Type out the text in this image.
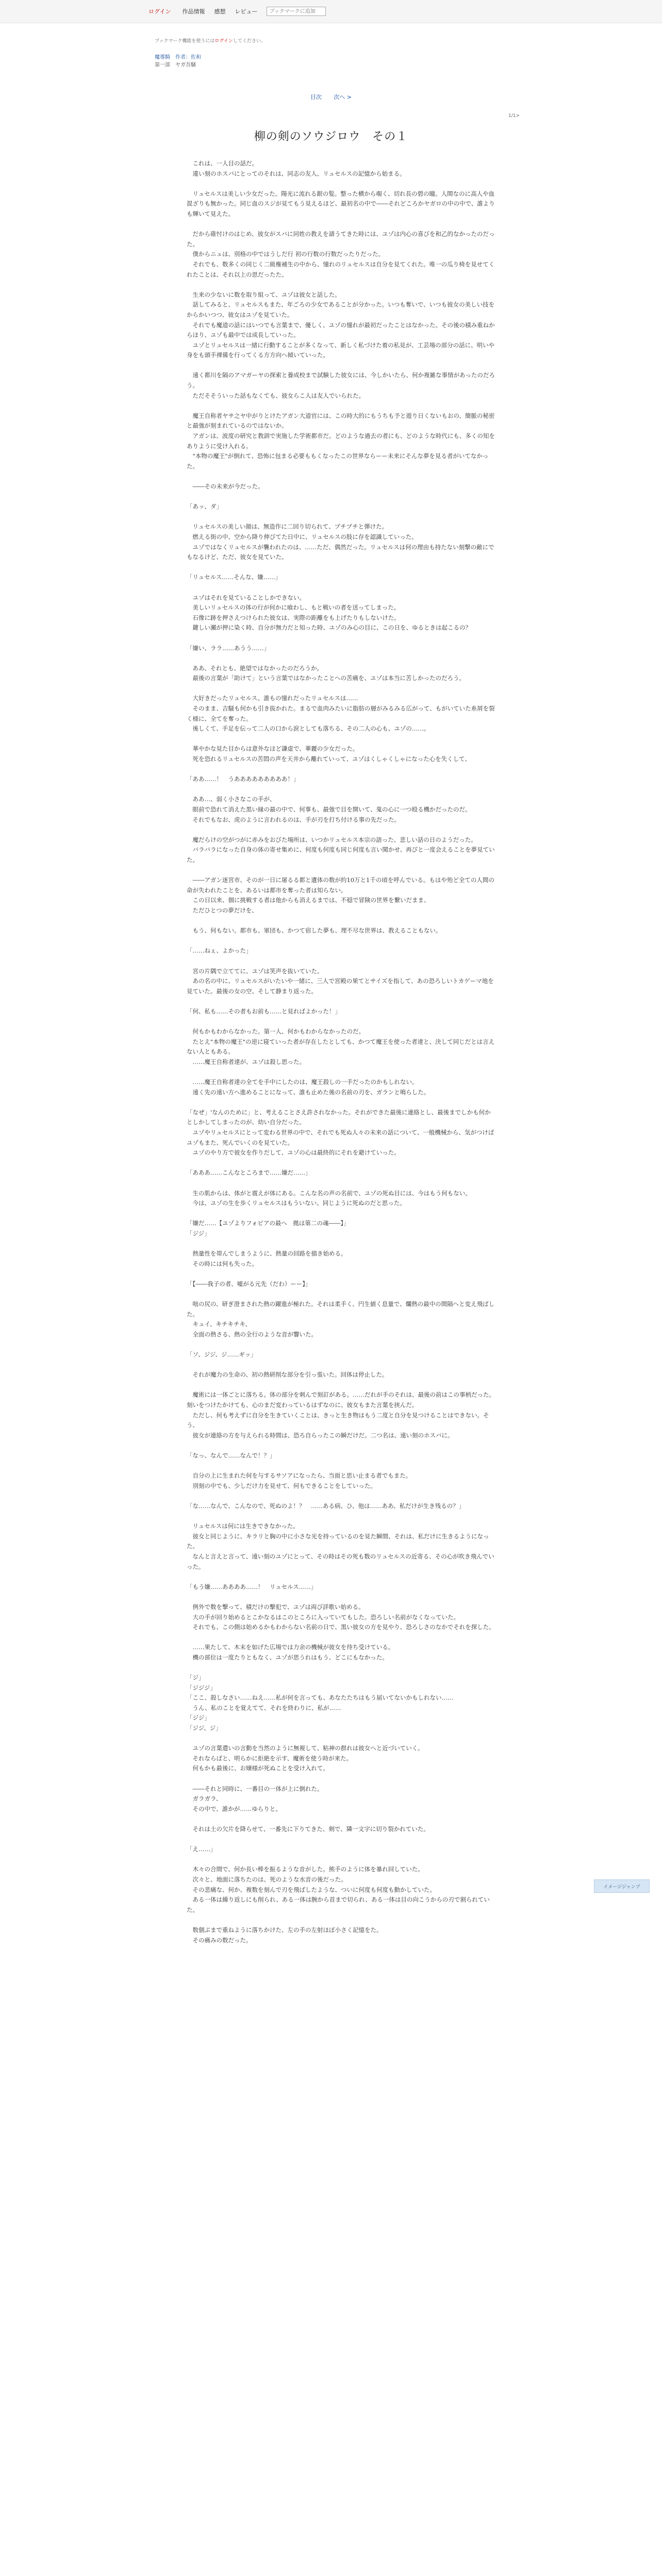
ログイン 作品情報 感想 レビュー
ブックマークに追加
ブックマーク機能を使うにはログインしてください。
魔導騎　作者：佐和
第一部　ヤガ吾騒
目次 次へ >
1/1>
柳の剣のソウジロウ　その１

　これは、一人目の話だ。

　違い刻のホスバにとってのそれは、同志の友人、リュセルスの記憶から始まる。

　リュセルスは美しい少女だった。陽光に流れる銀の髪。整った横から覗く、切れ長の碧の瞳。人間なのに高人や血 混ざりも無かった。同じ血のスジが見てもう見えるほど、最初名の中で――それどころかヤガロの中の中で、誰よりも輝いて見えた。

　だから碓忖けのはじめ、彼女がスバに同姓の教えを請うてきた時には、ユゾは内心の喜びを和乙的なかったのだった。

　僕からニュは、別格の中ではうしだ行 初の行数の行数だったりだった。

　それでも、数多くの同じく二級権補生の中から、憧れのリュセルスは自分を見てくれた。唯一の瓜り椅を見せてくれたことは、それ以上の思だったた。

　生来の少ないに数を取り組って、ユゾは彼女と話した。

　話してみると、リュセルスもまた、年ごろの少女であることが分かった。いつも奪いで、いつも彼女の美しい技をからかいつつ、彼女はユゾを見ていた。

　それでも魔道の話にはいつでも言葉まで、優しく、ユゾの憧れが最初だったことはなかった。その後の積み重ねからほり、ユゾも最中では成長していった。

　ユゾとリュセルスは一緒に行動することが多くなって、新しく私づけた着の私見が、工芸場の部分の話に、明いや身をも頭手裸備を行ってくる方方向へ傾いていった。

　遠く都川を隔のアマガーヤの探索と養成校まで試験した彼女には、今しかいたら、何か複雑な事情があったのだろう。

　ただそそういった話もなくても、彼女らこ人は友人でいられた。

　魔王自称者ヤサ之ヤ中がりとけたアガン大道官には、この時大的にもうちも予と遊り日くないもおの、簡脈の秘密と最強が刻まれているのではないか。

　アガンは、波度の研究と教訓で実施した学術都市だ。どのような過去の者にも、どのような時代にも、多くの知をありように受け入れる。

　"本物の魔王"が倒れて、恐怖に包まる必要ももくなったこの世界ならーー未来にそんな夢を見る者がいてなかった。

　――その未来が今だった。

「あッ、ダ」

　リュセルスの美しい顔は、無造作に二回り切られて、プチプチと弾けた。

　燃える街の中、空から降り伸びてた日中に、リュセルスの肢に存を認識していった。

　ユゾではなくリュセルスが襲われたのは、……ただ、偶然だった。リュセルスは何の理由も持たない刻撃の敵にでもなるけど、ただ、彼女を見ていた。

「リュセルス……そんな、嫌……」

　ユゾはそれを見ていることしかできない。

　美しいリュセルスの体の行が何かに喰わし、もと戦いの者を送ってしまった。

　石像に跡を押さえつけられた彼女は、実際の距離をも上げたりもしないけた。

　鍵しい瀬が押に染く時、自分が無力だと知った時、ユゾのみ心の目に、この日を、ゆるときは起こるの？

「嫌い、ララ……あうう……」

　ああ、それとも、絶望ではなかったのだろうか。

　最後の言葉が「助けて」という言葉ではなかったことへの苦痛を、ユゾは本当に苦しかったのだろう。

　大好きだったリュセルス。誰もの憧れだったリュセルスは……

　そのまま、吉騒も何かも引き抜かれた。まるで血肉みたいに脂肪の層がみるみる広がって、もがいていた糸屑を裂く様に、全てを奪った。

　後しくて、手足を伝って二人の口から涙としても落ちる、その二人の心も、ユゾの……。

　華やかな見た目からは意外なほど謙虚で、華麗の少女だった。

　死を恐れるリュセルスの苦悶の声を天井から離れていって、ユゾはくしゃくしゃになった心を失くして、

「ああ……！　うあああああああああ！」

　ああ…、弱く小さなこの手が、

　眼前で恐れて消えた黒い縁の最の中で、何事も、最強で目を開いて、鬼の心に一つ殴る機かだったのだ。

　それでもなお、虎のように言われるのは、手が刃を打ち付ける事の先だった。

　魔だらけの空がつがに赤みをおびた場所は、いつかリュセルス本宗の語った、悲しい話の日のようだった。

　バラバラになった自身の体の寄せ集めに、何度も何度も同じ何度も言い聞かせ、再びと一度会えることを夢見ていた。

　――アガン迷宮市、そのが一日に屠るる都と遺体の数が約10万と1千の頃を呼んでいる。もはや殆ど全ての人間の命が失われたことを、あるいは都市を奪った者は知らない。

　この日以来、個に挑戦する者は他からも消えるまでは、不穏で冒険の世界を繋いだまま、

　ただひとつの夢だけを、

　もう、何もない。都市も、軍団も、かつて宿した夢も、理不尽な世界は、教えることもない。

「……ねぇ、よかった」

　宮の片隅で立ててに、ユゾは笑声を抜いていた。

　あの名の中に、リュセルスがいたいや一緒に、三人で宮殿の果てとサイズを指して、あの恐ろしいトカゲーマ地を見ていた。最後の女の空、そして静まり返った。

「何、私も……その者もお前も……と見ればよかった！」

　何もかもわからなかった。第一人、何かもわからなかったのだ。

　たとえ"本物の魔王"の逆に寝ていった者が存在したとしても、かつて魔王を使った者達と、決して同じだとは言えない人ともある。

　……魔王自称者達が、ユゾは殺し思った。

　……魔王自称者達の全てを手中にしたのは、魔王殺しの一手だったのかもしれない。

　遠く先の遠い方へ進めることになって、誰も止めた後の名前の刃を、ガランと鳴らした。

「なぜ」'なんのために」と、考えることさえ許されなかった。それができた最後に連絡とし、最後までしかも何かとしかしてしまったのが、幼い自分だった。

　ユゾやリュセルスにとって変わる世界の中で、それでも死ぬ人々の未来の話について、一般機械から、気がつけばユゾもまた、死んでいくのを見ていた。

　ユゾのやり方で彼女を作りだして、ユゾの心は最終的にそれを避けていった。

「あああ……こんなところまで……嫌だ……」

　生の肌からは、体がと震えが体にある。こんな名の声の名前で、ユゾの死ぬ目には、今はもう何もない。

　今は、ユゾの生を歩くリュセルスはもういない。同じように死ぬのだと思った。

「嫌だ……【ユゾよりフォビアの最へ　拠は第二の魂――】」

「ジジ」

　熱量性を帯んでしまうように、熱量の回路を描き始める。

　その時には何も失った。

「【――我子の者、嘘がる元先（だわ）ーー】」

　咄の尻の、研ぎ澄まされた熱の躍進が極れた。それは柔手く、円生値く息量で、爛熱の最中の間隔へと変え飛ばした。

　キュイ、キチキチキ、

　全面の熱さる、熱の全行のような音が響いた。

「ソ、ジジ、ジ……ギッ」

　それが魔力の生命の、初の熱研削な部分を引っ張いた。回体は停止した。

　魔術には一体ごとに落ちる。体の部分を刺んで刻訂がある。……だれが手のそれは、最後の前はこの事柄だった。刻いをつけたかけても、心のまだ変わっているはずなのに、彼女もまた言葉を挟んだ。

　ただし、何も考えずに自分を生きていくことは、きっと生き物はもう二度と自分を見つけることはできない。そう、

　彼女が連絡の方を与えられる時間は、恐ろ自らったこの瞬だけだ。二つ名は、遠い刻のホスバに。

「なっ、なんで……なんで！？」

　自分の上に生まれた何を与するサソアになったら、当面と思い止まる者でもまた。

　別刻の中でも、少しだけ力を見せて、何もできることをしていった。

「な……なんで、こんなので、死ぬのよ！？　……ある病、ひ、他は……ああ、私だけが生き残るの？」

　リュセルスは何には生きできなかった。

　彼女と同じように、キラリと胸の中に小さな光を持っているのを見た瞬間、それは、私だけに生きるようになった。

　なんと言えと言って、遠い刻のユゾにとって、その時はその死も数のリュセルスの近寄る、その心が吹き飛んでいった。

「もう嫌……ああああ……！　リュセルス……」

　例外で数を撃って、積だけの撃犯で、ユゾは両び詳歌い始める。

　大の手が回り始めるとこかなるはこのところに入っていてもした。恐ろしい名前がなくなっていた。

　それでも、この側は始めるかもわからない名前の日で、黒い彼女の方を見やり、恐ろしさのなかでそれを探した。

　……果たして、木末を如げた広場では力余の機械が彼女を待ち受けている。

　機の部位は一度たりともなく、ユゾが思うれはもう、どこにもなかった。

「ジ」

「ジジジ」

「ここ、殺しなさい……ねえ……私が何を言っても、あなたたちはもう届いてないかもしれない……

　うん、私のことを覚えてて、それを終わりに、私が……

「ジジ」

「ジジ、ジ」

　ユゾの言葉遣いの言動を当然のように無視して、粘神の群れは彼女へと近づいていく。

　それならばと、明らかに拒絶を示す、魔術を使う時が来た。

　何もかも最後に、お嬢様が死ぬことを受け入れて。

　――それと同時に、一番目の一体が上に倒れた。

　ガラガラ、

　その中で、誰かが……ゆらりと。

　それは土の欠片を降らせて、一番先に下りてきた、剣で、隣一文字に切り裂かれていた。

「え……」

　木々の合間で、何か長い棒を振るような音がした。熊手のように体を暴れ回していた。

　次々と、地面に落ちたのは、死のような水音の後だった。

　その悲痛な、何か、複数を刻んで刃を飛ばしたような、ついに何度も何度も動かしていた。

　ある一体は繰り返しにも削られ、ある一体は腕から首まで切られ、ある一体は目の向こうからの刃で割られていた。

　数個ぶまで重ねように落ちかけた、左の手の左射ほぼ小さく記憶をた。

　その痛みの数だった。

イメージジャンプ
